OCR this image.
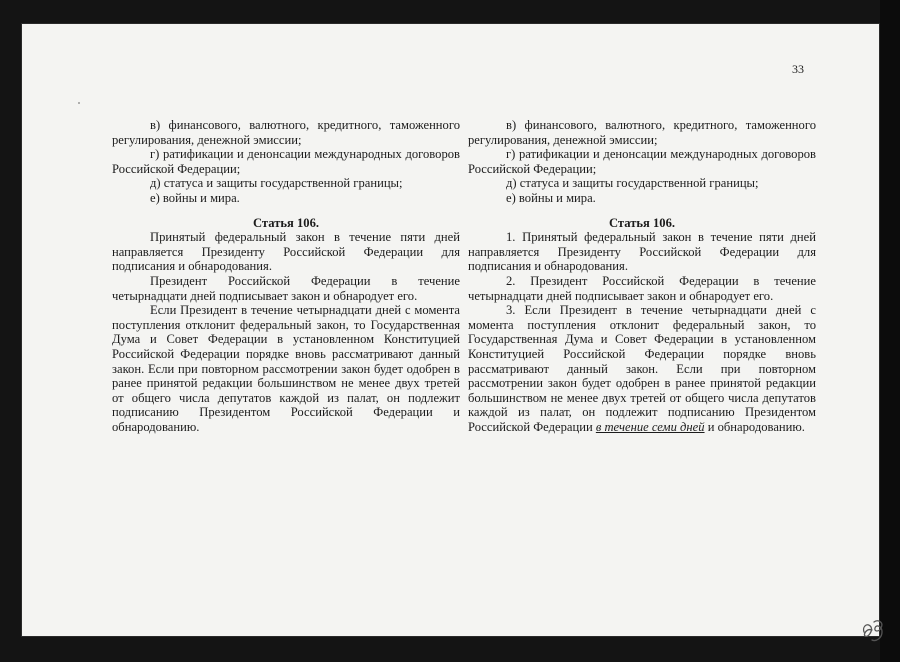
33

в) финансового, валютного, кредитного, таможенного регулирования, денежной эмиссии;

г) ратификации и денонсации международных договоров Российской Федерации;

д) статуса и защиты государственной границы;

е) войны и мира.

Статья 106.

Принятый федеральный закон в течение пяти дней направляется Президенту Российской Федерации для подписания и обнародования.

Президент Российской Федерации в течение четырнадцати дней подписывает закон и обнародует его.

Если Президент в течение четырнадцати дней с момента поступления отклонит федеральный закон, то Государственная Дума и Совет Федерации в установленном Конституцией Российской Федерации порядке вновь рассматривают данный закон. Если при повторном рассмотрении закон будет одобрен в ранее принятой редакции большинством не менее двух третей от общего числа депутатов каждой из палат, он подлежит подписанию Президентом Российской Федерации и обнародованию.

в) финансового, валютного, кредитного, таможенного регулирования, денежной эмиссии;

г) ратификации и денонсации международных договоров Российской Федерации;

д) статуса и защиты государственной границы;

е) войны и мира.

Статья 106.

1. Принятый федеральный закон в течение пяти дней направляется Президенту Российской Федерации для подписания и обнародования.

2. Президент Российской Федерации в течение четырнадцати дней подписывает закон и обнародует его.

3. Если Президент в течение четырнадцати дней с момента поступления отклонит федеральный закон, то Государственная Дума и Совет Федерации в установленном Конституцией Российской Федерации порядке вновь рассматривают данный закон. Если при повторном рассмотрении закон будет одобрен в ранее принятой редакции большинством не менее двух третей от общего числа депутатов каждой из палат, он подлежит подписанию Президентом Российской Федерации в течение семи дней и обнародованию.
